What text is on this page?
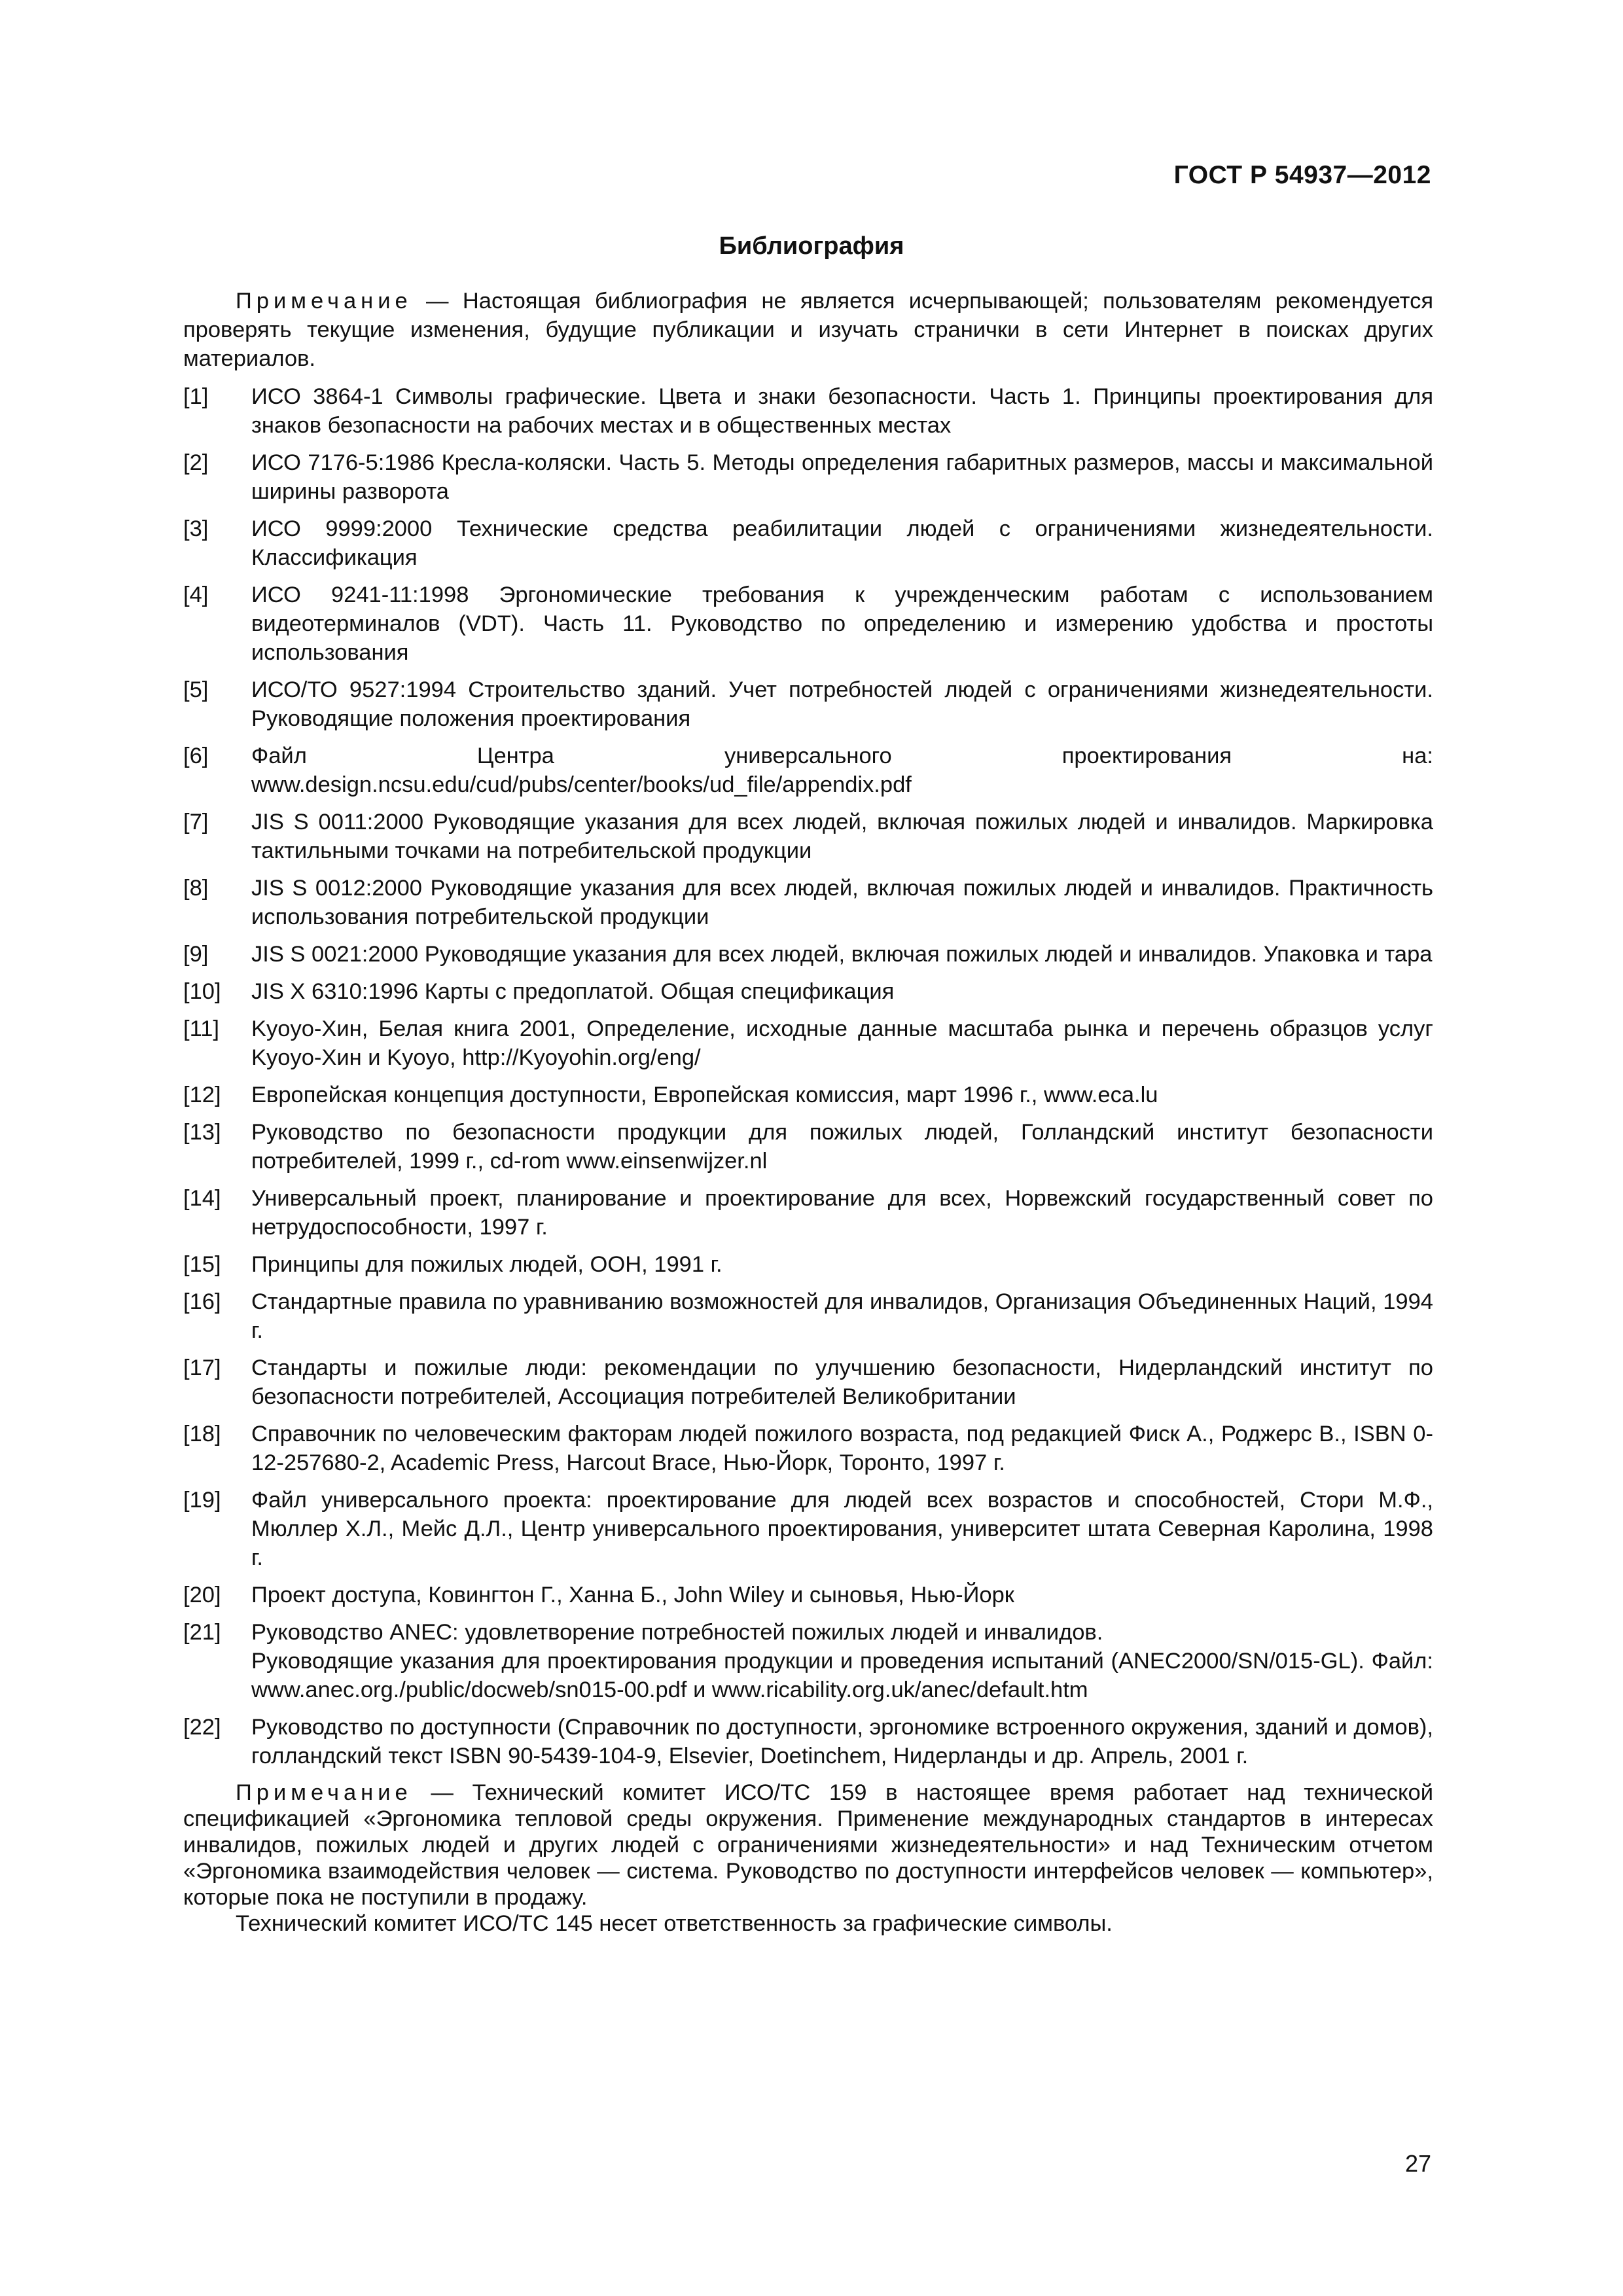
ГОСТ Р 54937—2012
Библиография

Примечание — Настоящая библиография не является исчерпывающей; пользователям рекомендуется проверять текущие изменения, будущие публикации и изучать странички в сети Интернет в поисках других материалов.

[1]	ИСО 3864-1 Символы графические. Цвета и знаки безопасности. Часть 1. Принципы проектирования для знаков безопасности на рабочих местах и в общественных местах
[2]	ИСО 7176-5:1986 Кресла-коляски. Часть 5. Методы определения габаритных размеров, массы и максимальной ширины разворота
[3]	ИСО 9999:2000 Технические средства реабилитации людей с ограничениями жизнедеятельности. Классификация
[4]	ИСО 9241-11:1998 Эргономические требования к учрежденческим работам с использованием видеотерминалов (VDT). Часть 11. Руководство по определению и измерению удобства и простоты использования
[5]	ИСО/ТО 9527:1994 Строительство зданий. Учет потребностей людей с ограничениями жизнедеятельности. Руководящие положения проектирования
[6]	Файл Центра универсального проектирования на: www.design.ncsu.edu/cud/pubs/center/books/ud_file/appendix.pdf
[7]	JIS S 0011:2000 Руководящие указания для всех людей, включая пожилых людей и инвалидов. Маркировка тактильными точками на потребительской продукции
[8]	JIS S 0012:2000 Руководящие указания для всех людей, включая пожилых людей и инвалидов. Практичность использования потребительской продукции
[9]	JIS S 0021:2000 Руководящие указания для всех людей, включая пожилых людей и инвалидов. Упаковка и тара
[10]	JIS X 6310:1996 Карты с предоплатой. Общая спецификация
[11]	Kyoyo-Хин, Белая книга 2001, Определение, исходные данные масштаба рынка и перечень образцов услуг Kyoyo-Хин и Kyoyo, http://Kyoyohin.org/eng/
[12]	Европейская концепция доступности, Европейская комиссия, март 1996 г., www.eca.lu
[13]	Руководство по безопасности продукции для пожилых людей, Голландский институт безопасности потребителей, 1999 г., cd-rom www.einsenwijzer.nl
[14]	Универсальный проект, планирование и проектирование для всех, Норвежский государственный совет по нетрудоспособности, 1997 г.
[15]	Принципы для пожилых людей, ООН, 1991 г.
[16]	Стандартные правила по уравниванию возможностей для инвалидов, Организация Объединенных Наций, 1994 г.
[17]	Стандарты и пожилые люди: рекомендации по улучшению безопасности, Нидерландский институт по безопасности потребителей, Ассоциация потребителей Великобритании
[18]	Справочник по человеческим факторам людей пожилого возраста, под редакцией Фиск А., Роджерс В., ISBN 0-12-257680-2, Academic Press, Harcout Brace, Нью-Йорк, Торонто, 1997 г.
[19]	Файл универсального проекта: проектирование для людей всех возрастов и способностей, Стори М.Ф., Мюллер Х.Л., Мейс Д.Л., Центр универсального проектирования, университет штата Северная Каролина, 1998 г.
[20]	Проект доступа, Ковингтон Г., Ханна Б., John Wiley и сыновья, Нью-Йорк
[21]	Руководство ANEC: удовлетворение потребностей пожилых людей и инвалидов.
Руководящие указания для проектирования продукции и проведения испытаний (ANEC2000/SN/015-GL). Файл: www.anec.org./public/docweb/sn015-00.pdf и www.ricability.org.uk/anec/default.htm
[22]	Руководство по доступности (Справочник по доступности, эргономике встроенного окружения, зданий и домов), голландский текст ISBN 90-5439-104-9, Elsevier, Doetinchem, Нидерланды и др. Апрель, 2001 г.

Примечание — Технический комитет ИСО/ТС 159 в настоящее время работает над технической спецификацией «Эргономика тепловой среды окружения. Применение международных стандартов в интересах инвалидов, пожилых людей и других людей с ограничениями жизнедеятельности» и над Техническим отчетом «Эргономика взаимодействия человек — система. Руководство по доступности интерфейсов человек — компьютер», которые пока не поступили в продажу.

Технический комитет ИСО/ТС 145 несет ответственность за графические символы.

27
